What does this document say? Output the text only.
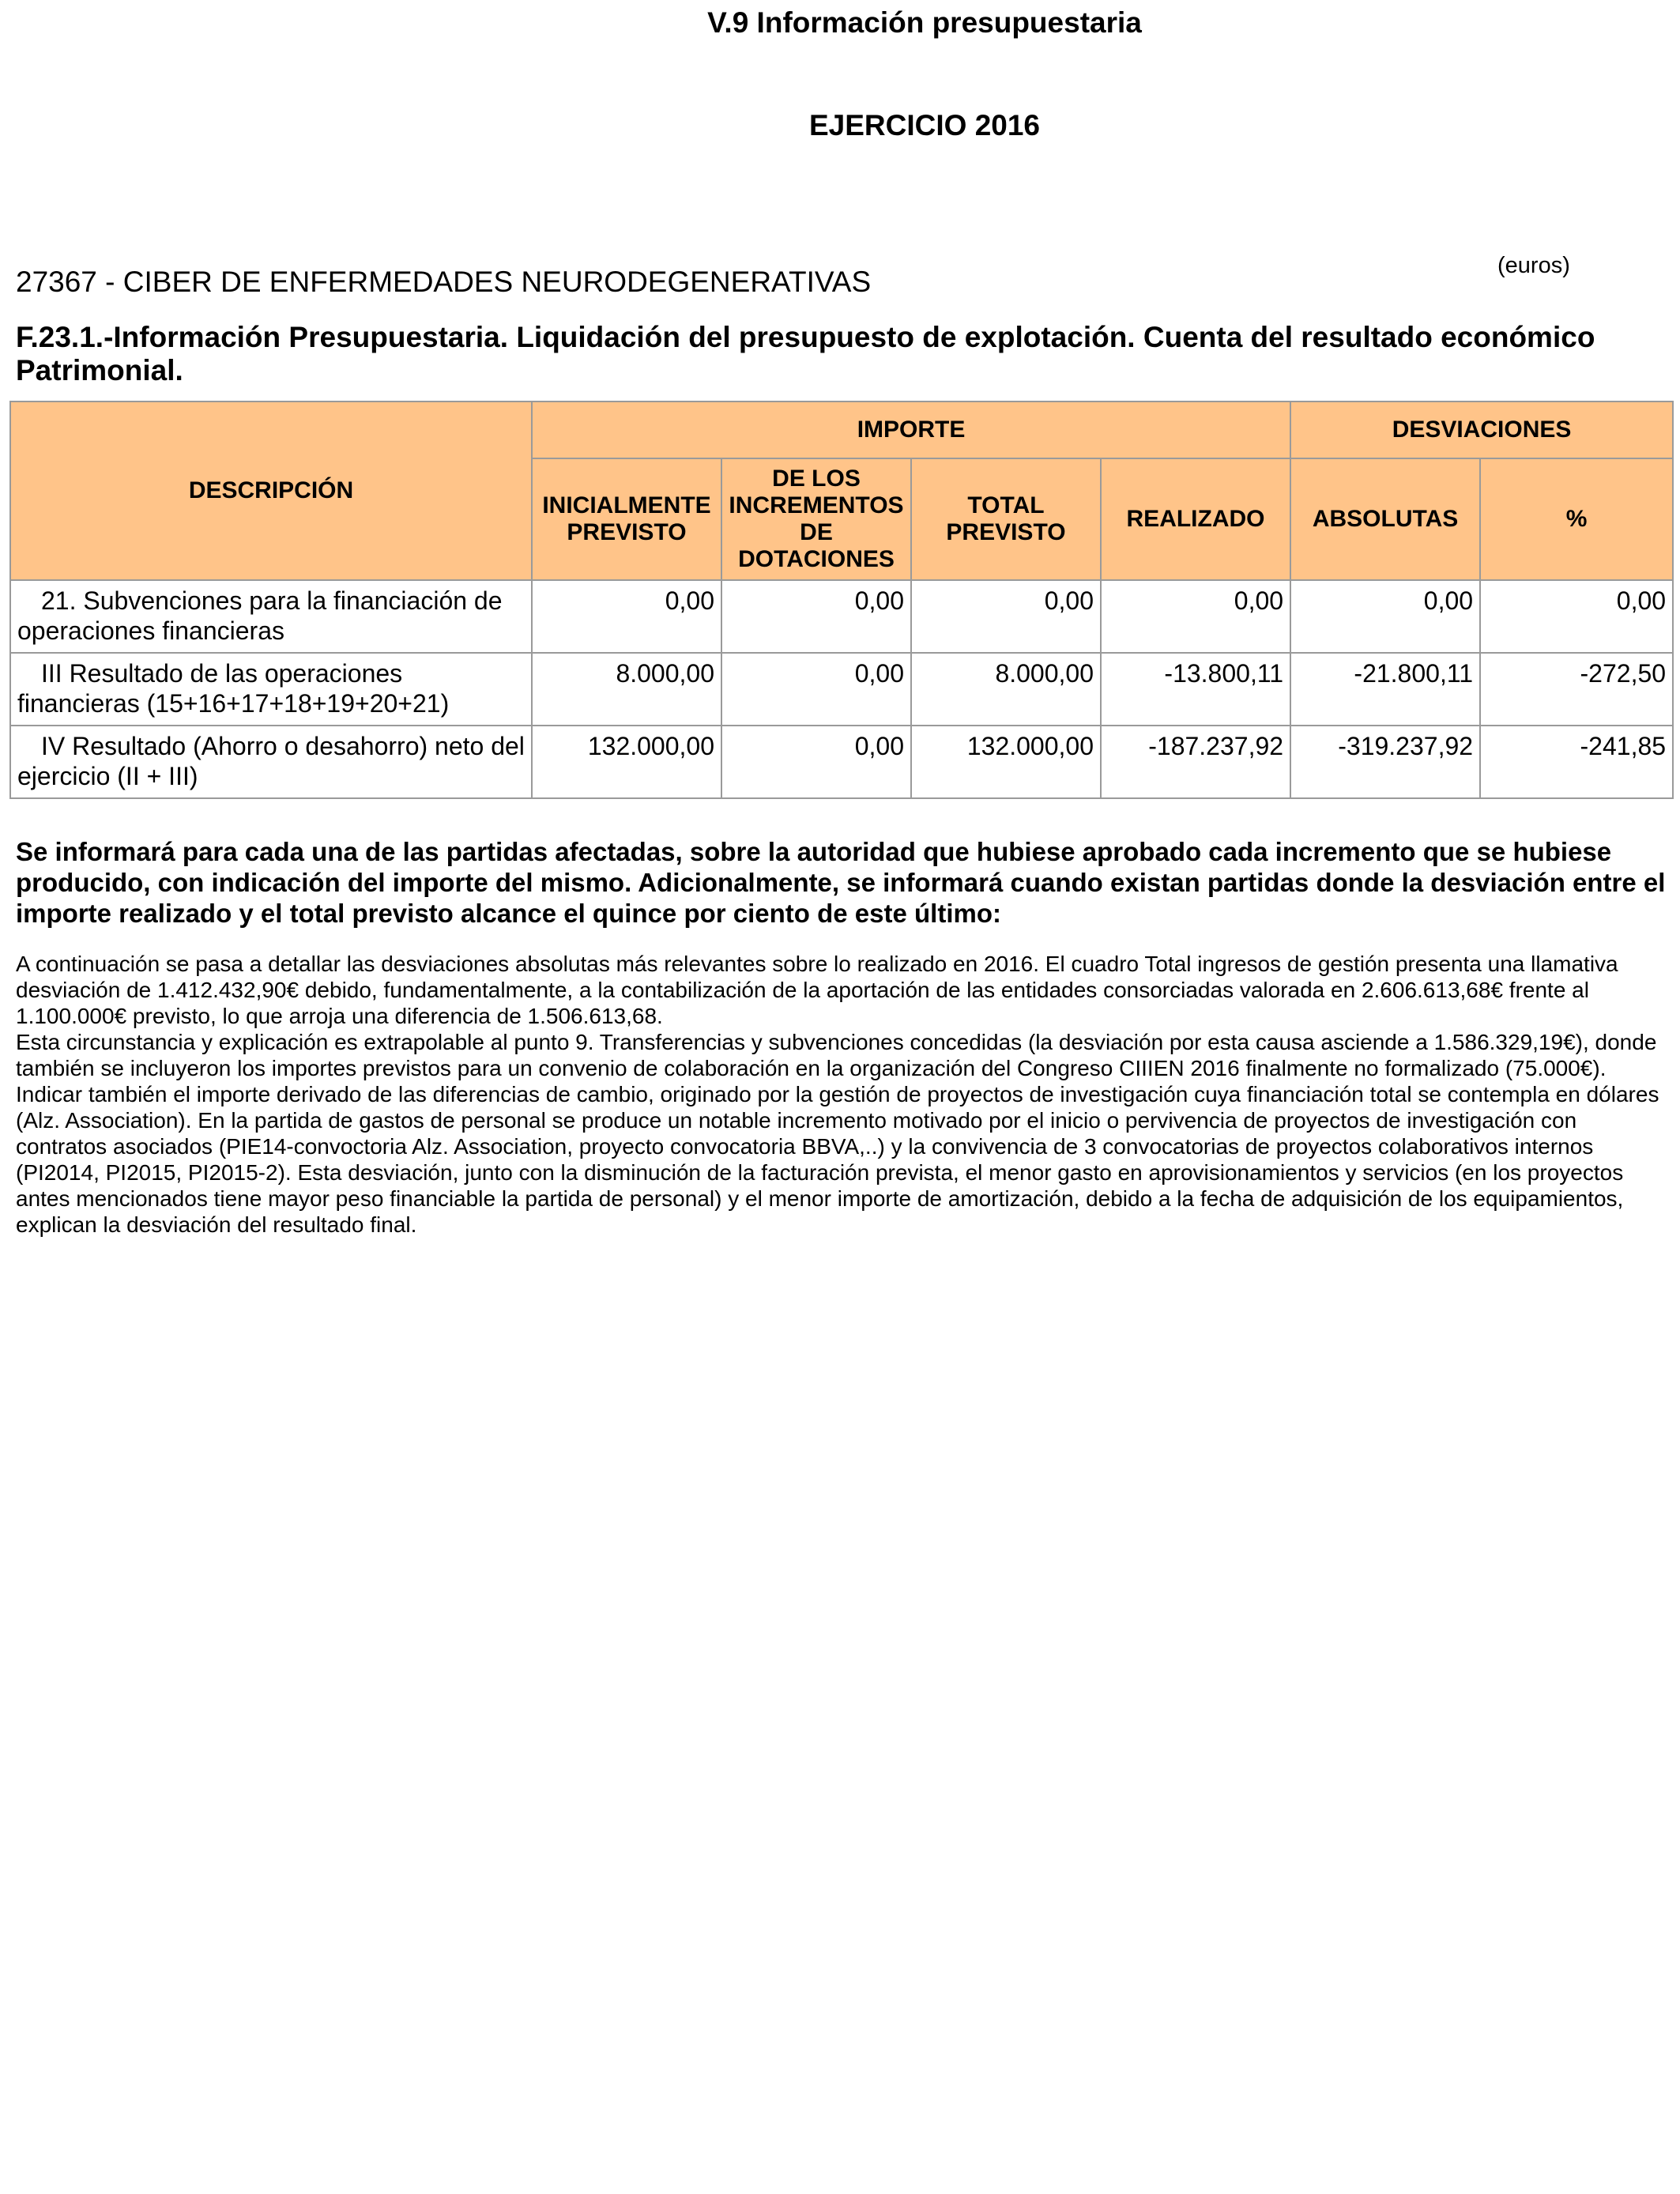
V.9 Información presupuestaria
EJERCICIO 2016
(euros)
27367 - CIBER DE ENFERMEDADES NEURODEGENERATIVAS
F.23.1.-Información Presupuestaria. Liquidación del presupuesto de explotación. Cuenta del resultado económico Patrimonial.
DESCRIPCIÓN	IMPORTE				DESVIACIONES	
	INICIALMENTE PREVISTO	DE LOS INCREMENTOS DE DOTACIONES	TOTAL PREVISTO	REALIZADO	ABSOLUTAS	%
21. Subvenciones para la financiación de operaciones financieras	0,00	0,00	0,00	0,00	0,00	0,00
III Resultado de las operaciones financieras (15+16+17+18+19+20+21)	8.000,00	0,00	8.000,00	-13.800,11	-21.800,11	-272,50
IV Resultado (Ahorro o desahorro) neto del ejercicio (II + III)	132.000,00	0,00	132.000,00	-187.237,92	-319.237,92	-241,85
Se informará para cada una de las partidas afectadas, sobre la autoridad que hubiese aprobado cada incremento que se hubiese producido, con indicación del importe del mismo. Adicionalmente, se informará cuando existan partidas donde la desviación entre el importe realizado y el total previsto alcance el quince por ciento de este último:

A continuación se pasa a detallar las desviaciones absolutas más relevantes sobre lo realizado en 2016. El cuadro Total ingresos de gestión presenta una llamativa desviación de 1.412.432,90€ debido, fundamentalmente, a la contabilización de la aportación de las entidades consorciadas valorada en 2.606.613,68€ frente al 1.100.000€ previsto, lo que arroja una diferencia de 1.506.613,68.

Esta circunstancia y explicación es extrapolable al punto 9. Transferencias y subvenciones concedidas (la desviación por esta causa asciende a 1.586.329,19€), donde también se incluyeron los importes previstos para un convenio de colaboración en la organización del Congreso CIIIEN 2016 finalmente no formalizado (75.000€). Indicar también el importe derivado de las diferencias de cambio, originado por la gestión de proyectos de investigación cuya financiación total se contempla en dólares (Alz. Association). En la partida de gastos de personal se produce un notable incremento motivado por el inicio o pervivencia de proyectos de investigación con contratos asociados (PIE14-convoctoria Alz. Association, proyecto convocatoria BBVA,..) y la convivencia de 3 convocatorias de proyectos colaborativos internos (PI2014, PI2015, PI2015-2). Esta desviación, junto con la disminución de la facturación prevista, el menor gasto en aprovisionamientos y servicios (en los proyectos antes mencionados tiene mayor peso financiable la partida de personal) y el menor importe de amortización, debido a la fecha de adquisición de los equipamientos, explican la desviación del resultado final.
